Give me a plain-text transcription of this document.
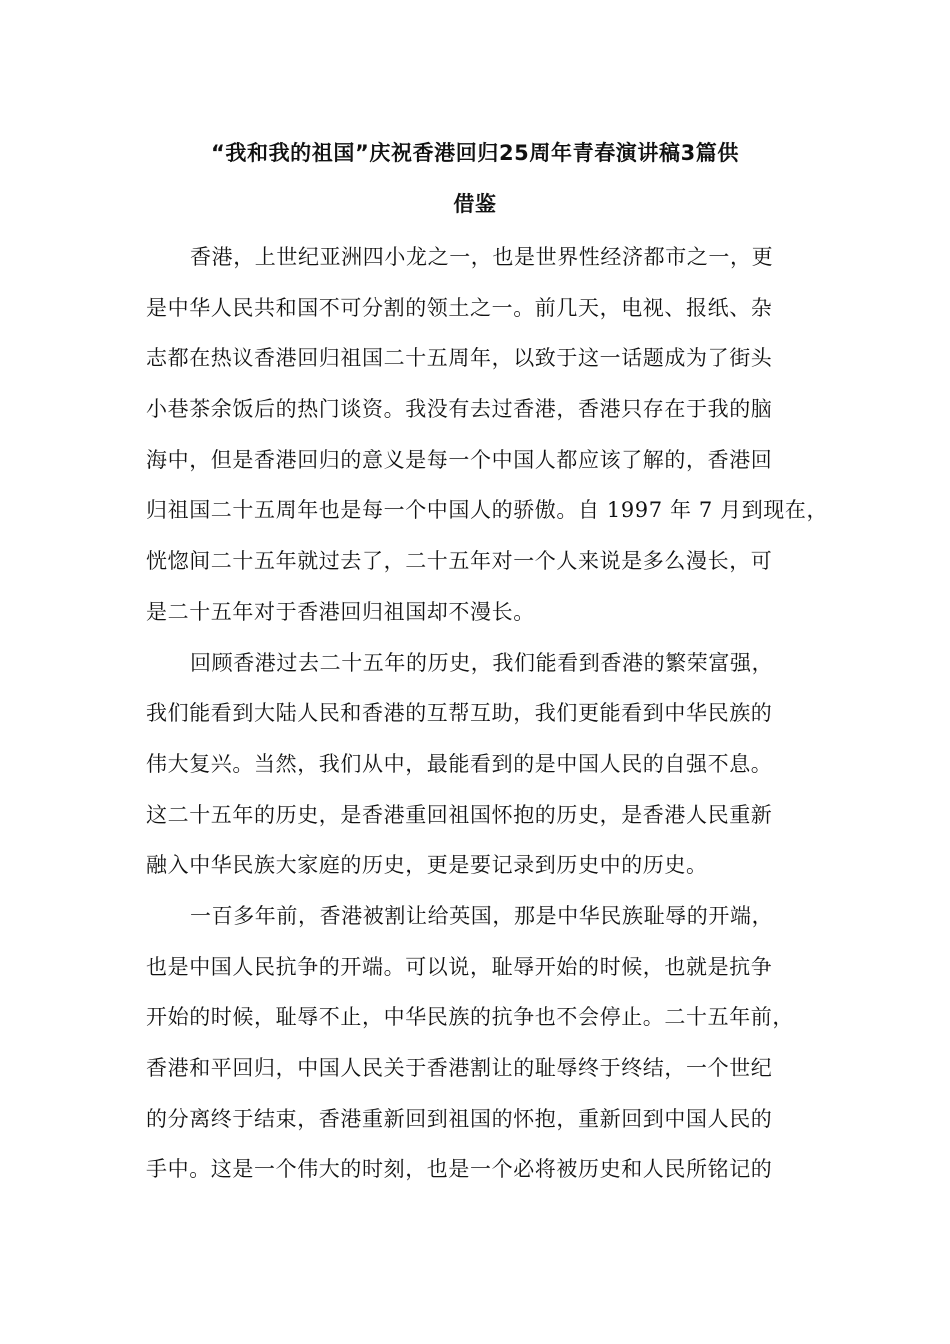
“我和我的祖国”庆祝香港回归25周年青春演讲稿3篇供
借鉴
香港，上世纪亚洲四小龙之一，也是世界性经济都市之一，更
是中华人民共和国不可分割的领土之一。前几天，电视、报纸、杂
志都在热议香港回归祖国二十五周年，以致于这一话题成为了街头
小巷茶余饭后的热门谈资。我没有去过香港，香港只存在于我的脑
海中，但是香港回归的意义是每一个中国人都应该了解的，香港回
归祖国二十五周年也是每一个中国人的骄傲。自 1997 年 7 月到现在，
恍惚间二十五年就过去了，二十五年对一个人来说是多么漫长，可
是二十五年对于香港回归祖国却不漫长。
回顾香港过去二十五年的历史，我们能看到香港的繁荣富强，
我们能看到大陆人民和香港的互帮互助，我们更能看到中华民族的
伟大复兴。当然，我们从中，最能看到的是中国人民的自强不息。
这二十五年的历史，是香港重回祖国怀抱的历史，是香港人民重新
融入中华民族大家庭的历史，更是要记录到历史中的历史。
一百多年前，香港被割让给英国，那是中华民族耻辱的开端，
也是中国人民抗争的开端。可以说，耻辱开始的时候，也就是抗争
开始的时候，耻辱不止，中华民族的抗争也不会停止。二十五年前，
香港和平回归，中国人民关于香港割让的耻辱终于终结，一个世纪
的分离终于结束，香港重新回到祖国的怀抱，重新回到中国人民的
手中。这是一个伟大的时刻，也是一个必将被历史和人民所铭记的
